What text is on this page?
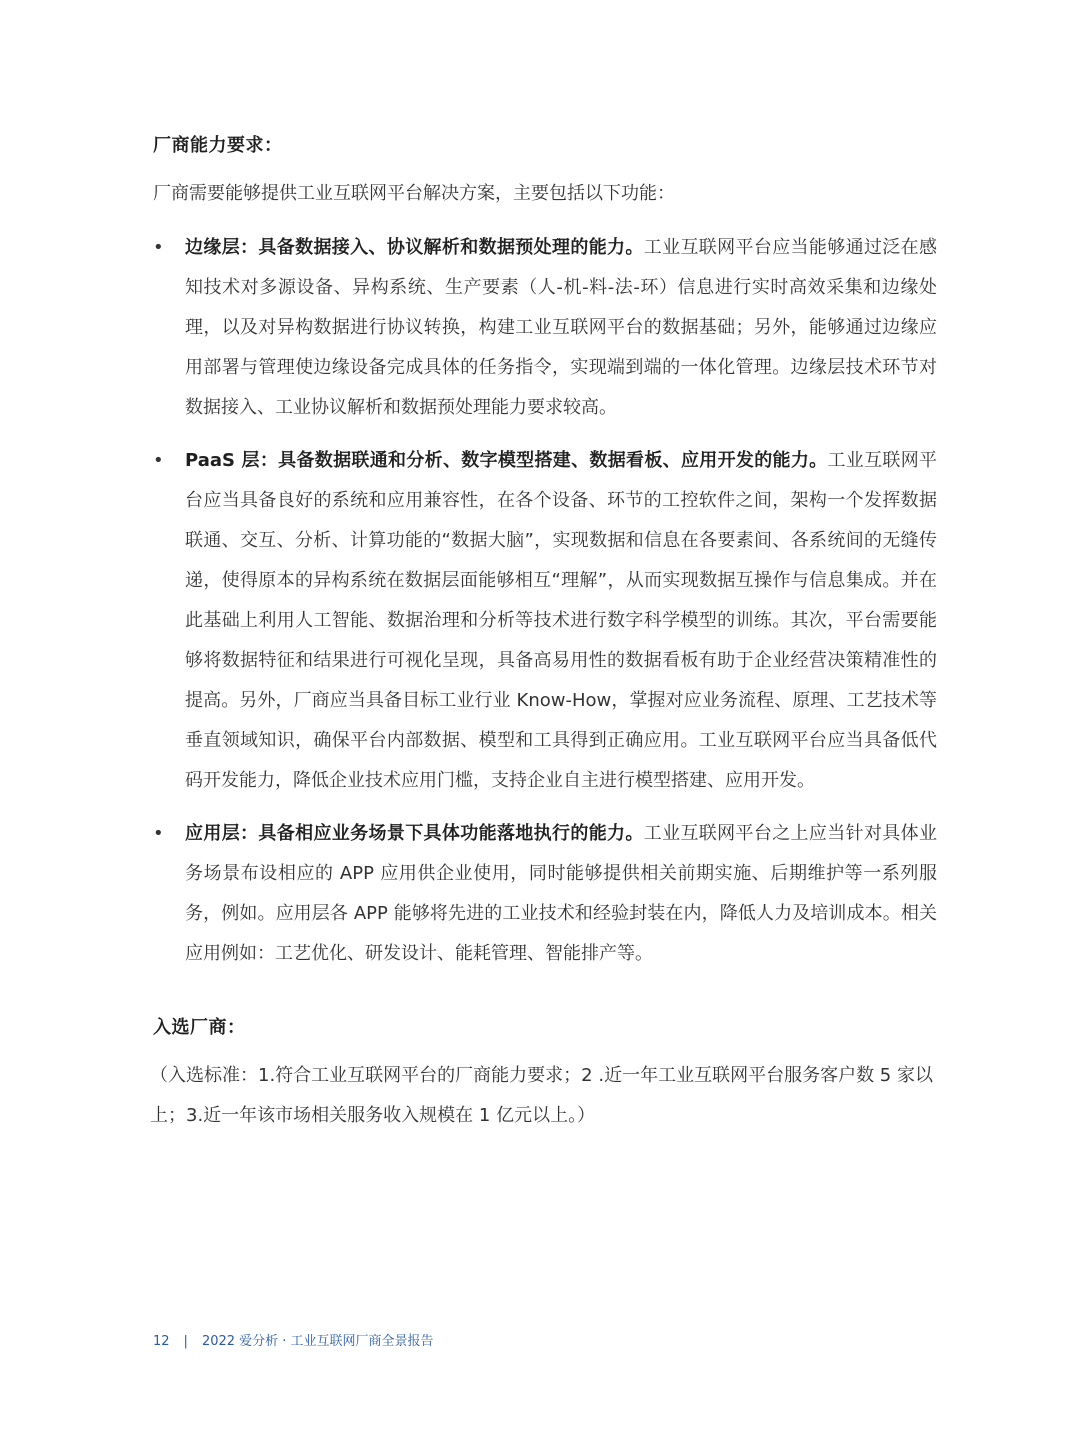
厂商能力要求：
厂商需要能够提供工业互联网平台解决方案，主要包括以下功能：
• 边缘层：具备数据接入、协议解析和数据预处理的能力。工业互联网平台应当能够通过泛在感知技术对多源设备、异构系统、生产要素（人-机-料-法-环）信息进行实时高效采集和边缘处理，以及对异构数据进行协议转换，构建工业互联网平台的数据基础；另外，能够通过边缘应用部署与管理使边缘设备完成具体的任务指令，实现端到端的一体化管理。边缘层技术环节对数据接入、工业协议解析和数据预处理能力要求较高。
• PaaS 层：具备数据联通和分析、数字模型搭建、数据看板、应用开发的能力。工业互联网平台应当具备良好的系统和应用兼容性，在各个设备、环节的工控软件之间，架构一个发挥数据联通、交互、分析、计算功能的“数据大脑”，实现数据和信息在各要素间、各系统间的无缝传递，使得原本的异构系统在数据层面能够相互“理解”，从而实现数据互操作与信息集成。并在此基础上利用人工智能、数据治理和分析等技术进行数字科学模型的训练。其次，平台需要能够将数据特征和结果进行可视化呈现，具备高易用性的数据看板有助于企业经营决策精准性的提高。另外，厂商应当具备目标工业行业 Know-How，掌握对应业务流程、原理、工艺技术等垂直领域知识，确保平台内部数据、模型和工具得到正确应用。工业互联网平台应当具备低代码开发能力，降低企业技术应用门槛，支持企业自主进行模型搭建、应用开发。
• 应用层：具备相应业务场景下具体功能落地执行的能力。工业互联网平台之上应当针对具体业务场景布设相应的 APP 应用供企业使用，同时能够提供相关前期实施、后期维护等一系列服务，例如。应用层各 APP 能够将先进的工业技术和经验封装在内，降低人力及培训成本。相关应用例如：工艺优化、研发设计、能耗管理、智能排产等。
入选厂商：
（入选标准：1.符合工业互联网平台的厂商能力要求；2 .近一年工业互联网平台服务客户数 5 家以上；3.近一年该市场相关服务收入规模在 1 亿元以上。）
12 | 2022 爱分析 · 工业互联网厂商全景报告
